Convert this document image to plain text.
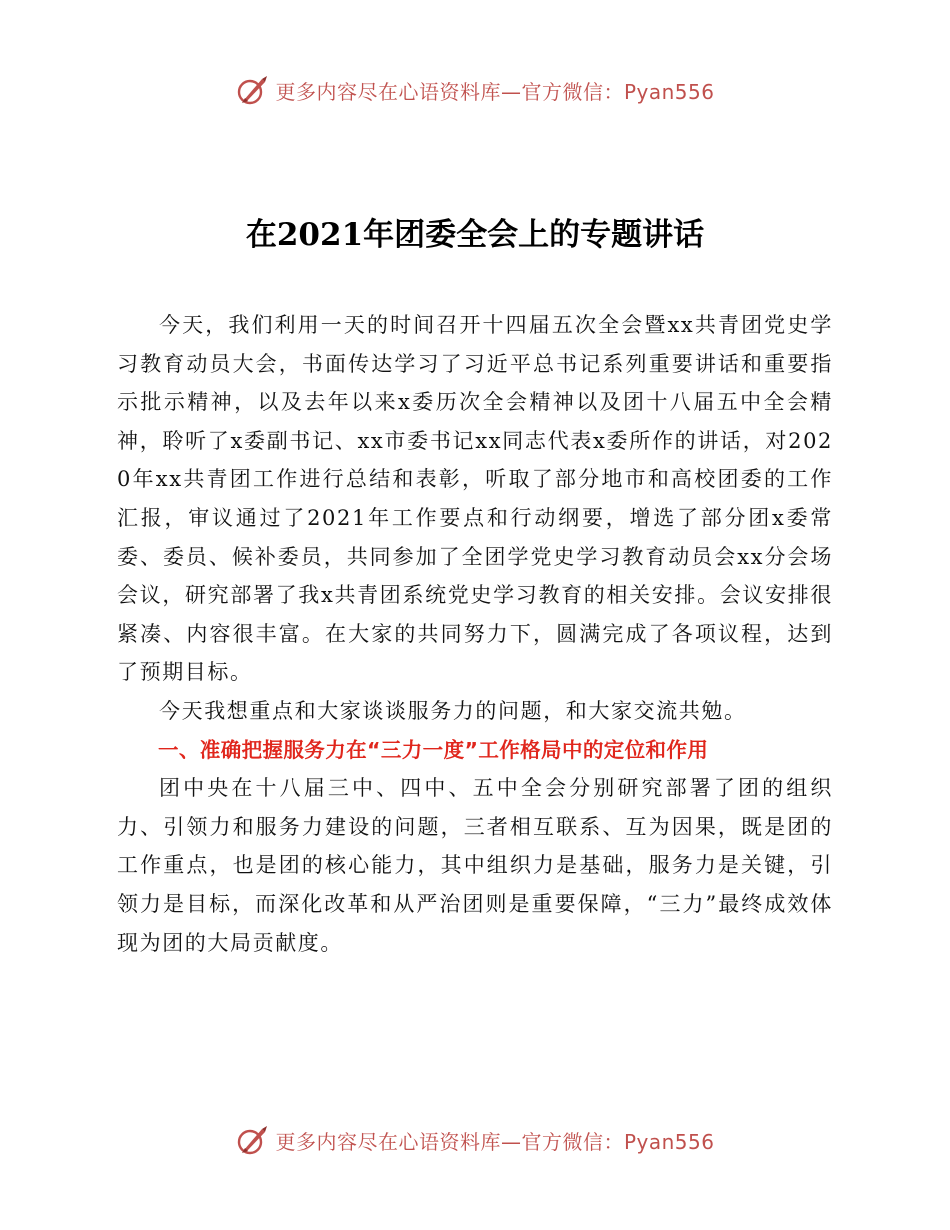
更多内容尽在心语资料库—官方微信：Pyan556
在2021年团委全会上的专题讲话

今天，我们利用一天的时间召开十四届五次全会暨xx共青团党史学习教育动员大会，书面传达学习了习近平总书记系列重要讲话和重要指示批示精神，以及去年以来x委历次全会精神以及团十八届五中全会精神，聆听了x委副书记、xx市委书记xx同志代表x委所作的讲话，对2020年xx共青团工作进行总结和表彰，听取了部分地市和高校团委的工作汇报，审议通过了2021年工作要点和行动纲要，增选了部分团x委常委、委员、候补委员，共同参加了全团学党史学习教育动员会xx分会场会议，研究部署了我x共青团系统党史学习教育的相关安排。会议安排很紧凑、内容很丰富。在大家的共同努力下，圆满完成了各项议程，达到了预期目标。

今天我想重点和大家谈谈服务力的问题，和大家交流共勉。

一、准确把握服务力在“三力一度”工作格局中的定位和作用

团中央在十八届三中、四中、五中全会分别研究部署了团的组织力、引领力和服务力建设的问题，三者相互联系、互为因果，既是团的工作重点，也是团的核心能力，其中组织力是基础，服务力是关键，引领力是目标，而深化改革和从严治团则是重要保障，“三力”最终成效体现为团的大局贡献度。

更多内容尽在心语资料库—官方微信：Pyan556
